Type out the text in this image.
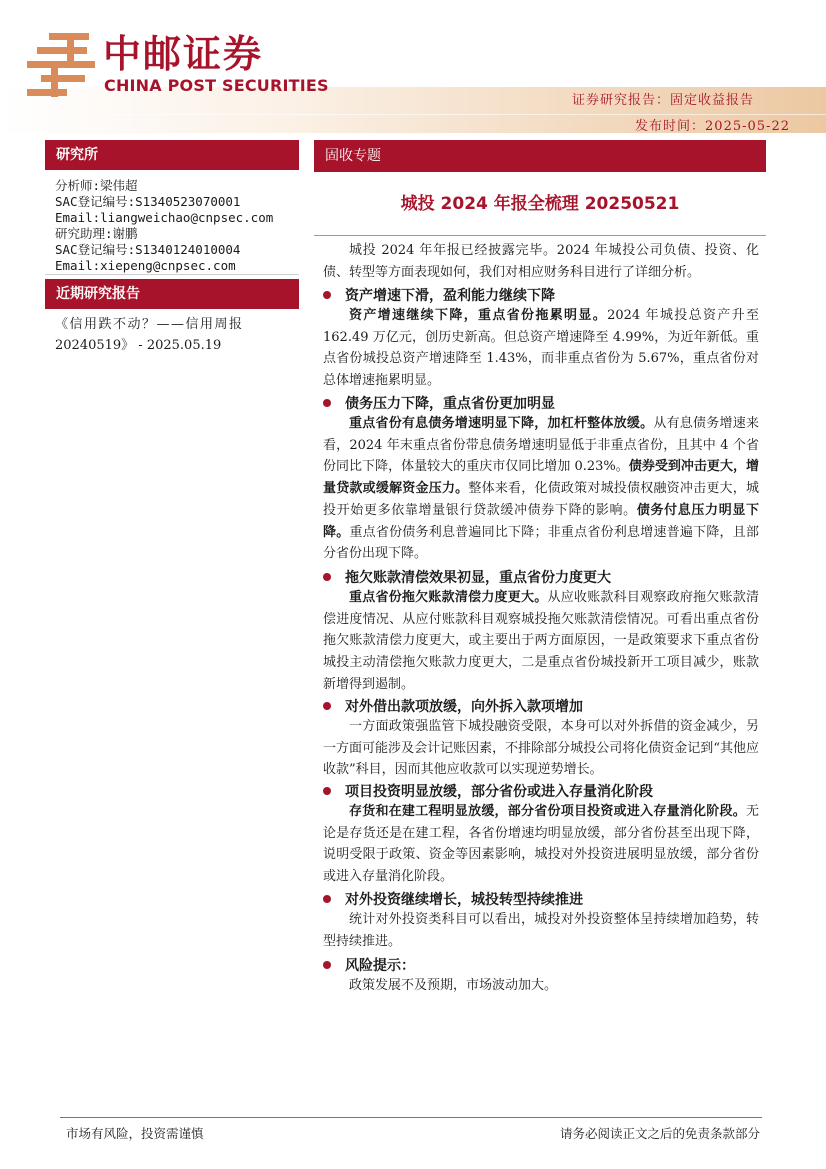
中邮证券
CHINA POST SECURITIES
证券研究报告：固定收益报告
发布时间：2025-05-22
研究所
分析师:梁伟超
SAC登记编号:S1340523070001
Email:liangweichao@cnpsec.com
研究助理:谢鹏
SAC登记编号:S1340124010004
Email:xiepeng@cnpsec.com
近期研究报告
《信用跌不动？——信用周报
20240519》 - 2025.05.19
固收专题
城投 2024 年报全梳理 20250521
城投 2024 年年报已经披露完毕。2024 年城投公司负债、投资、化债、转型等方面表现如何，我们对相应财务科目进行了详细分析。
资产增速下滑，盈利能力继续下降
资产增速继续下降，重点省份拖累明显。2024 年城投总资产升至 162.49 万亿元，创历史新高。但总资产增速降至 4.99%，为近年新低。重点省份城投总资产增速降至 1.43%，而非重点省份为 5.67%，重点省份对总体增速拖累明显。
债务压力下降，重点省份更加明显
重点省份有息债务增速明显下降，加杠杆整体放缓。从有息债务增速来看，2024 年末重点省份带息债务增速明显低于非重点省份，且其中 4 个省份同比下降，体量较大的重庆市仅同比增加 0.23%。债券受到冲击更大，增量贷款或缓解资金压力。整体来看，化债政策对城投债权融资冲击更大，城投开始更多依靠增量银行贷款缓冲债券下降的影响。债务付息压力明显下降。重点省份债务利息普遍同比下降；非重点省份利息增速普遍下降，且部分省份出现下降。
拖欠账款清偿效果初显，重点省份力度更大
重点省份拖欠账款清偿力度更大。从应收账款科目观察政府拖欠账款清偿进度情况、从应付账款科目观察城投拖欠账款清偿情况。可看出重点省份拖欠账款清偿力度更大，或主要出于两方面原因，一是政策要求下重点省份城投主动清偿拖欠账款力度更大，二是重点省份城投新开工项目减少，账款新增得到遏制。
对外借出款项放缓，向外拆入款项增加
一方面政策强监管下城投融资受限，本身可以对外拆借的资金减少，另一方面可能涉及会计记账因素，不排除部分城投公司将化债资金记到“其他应收款”科目，因而其他应收款可以实现逆势增长。
项目投资明显放缓，部分省份或进入存量消化阶段
存货和在建工程明显放缓，部分省份项目投资或进入存量消化阶段。无论是存货还是在建工程，各省份增速均明显放缓，部分省份甚至出现下降，说明受限于政策、资金等因素影响，城投对外投资进展明显放缓，部分省份或进入存量消化阶段。
对外投资继续增长，城投转型持续推进
统计对外投资类科目可以看出，城投对外投资整体呈持续增加趋势，转型持续推进。
风险提示：
政策发展不及预期，市场波动加大。
市场有风险，投资需谨慎	请务必阅读正文之后的免责条款部分
